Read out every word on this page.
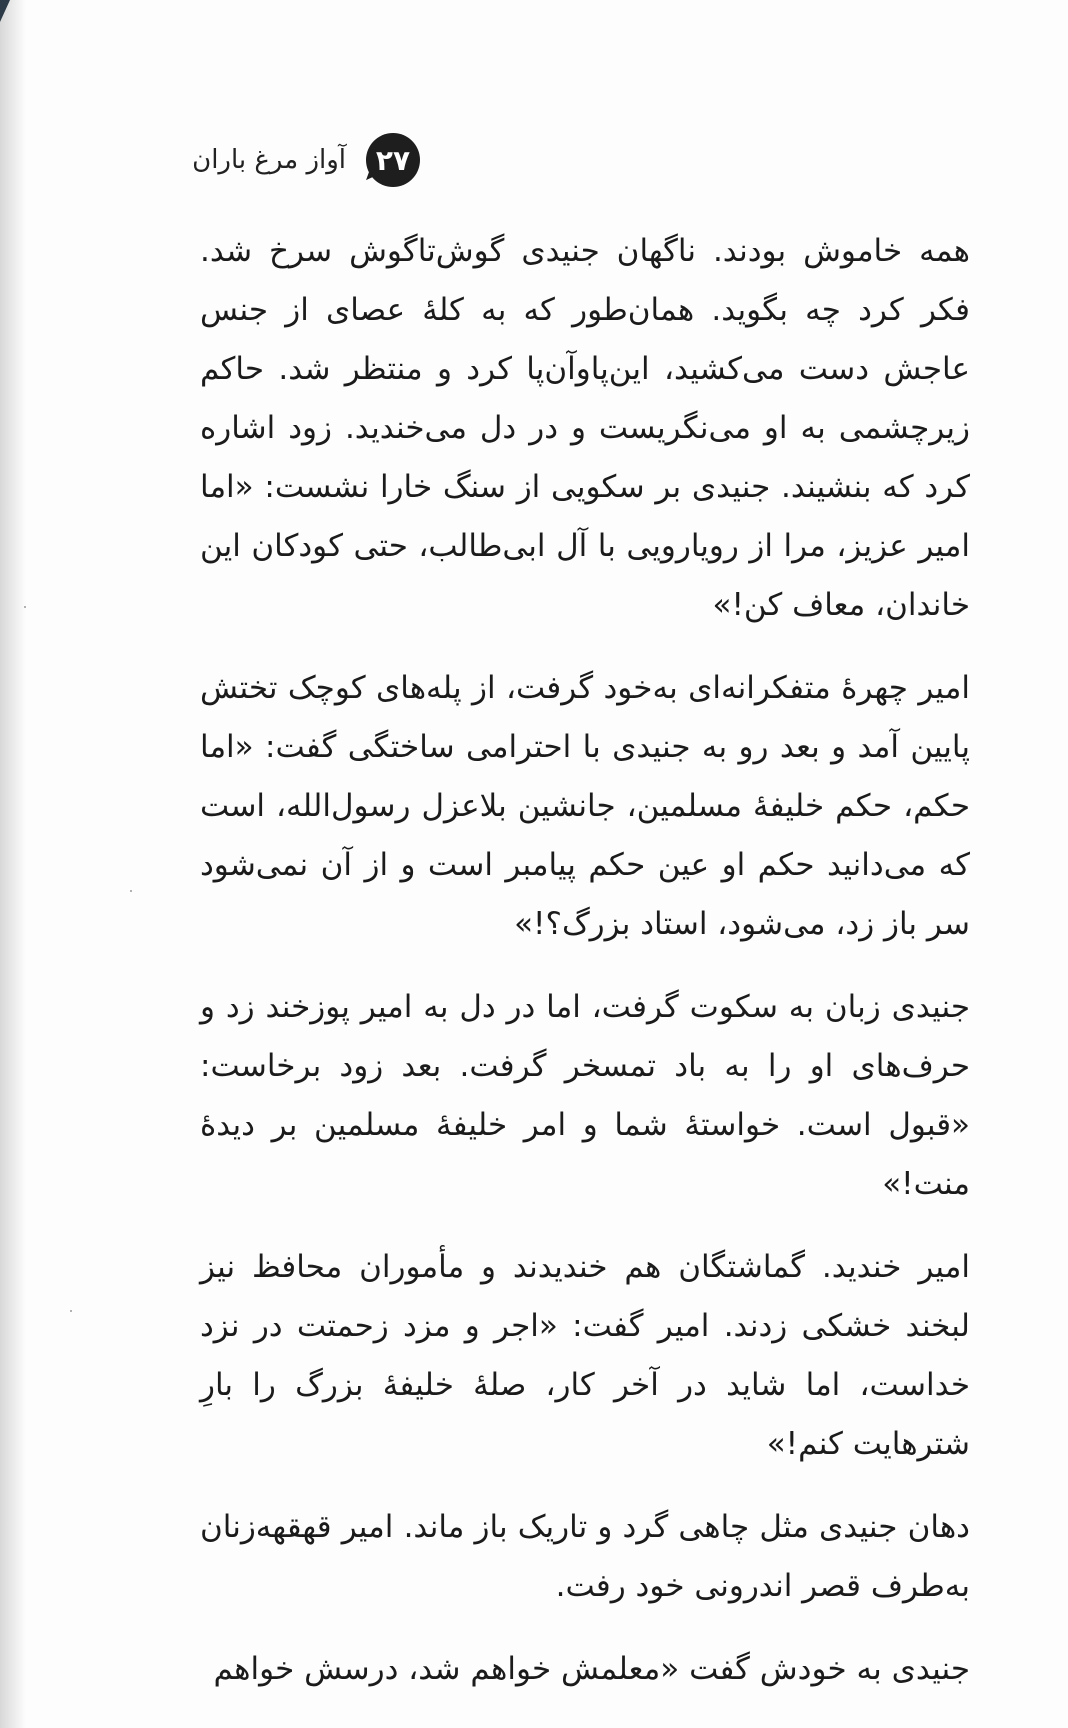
۲۷
آواز مرغ باران

همه خاموش بودند. ناگهان جنیدی گوش‌تاگوش سرخ شد. فکر کرد چه بگوید. همان‌طور که به کلهٔ عصای از جنس عاجش دست می‌کشید، این‌پاوآن‌پا کرد و منتظر شد. حاکم زیرچشمی به او می‌نگریست و در دل می‌خندید. زود اشاره کرد که بنشیند. جنیدی بر سکویی از سنگ خارا نشست: «اما امیر عزیز، مرا از رویارویی با آل ابی‌طالب، حتی کودکان این خاندان، معاف کن!»

امیر چهرهٔ متفکرانه‌ای به‌خود گرفت، از پله‌های کوچک تختش پایین آمد و بعد رو به جنیدی با احترامی ساختگی گفت: «اما حکم، حکم خلیفهٔ مسلمین، جانشین بلاعزل رسول‌الله، است که می‌دانید حکم او عین حکم پیامبر است و از آن نمی‌شود سر باز زد، می‌شود، استاد بزرگ؟!»

جنیدی زبان به سکوت گرفت، اما در دل به امیر پوزخند زد و حرف‌های او را به باد تمسخر گرفت. بعد زود برخاست: «قبول است. خواستهٔ شما و امر خلیفهٔ مسلمین بر دیدهٔ منت!»

امیر خندید. گماشتگان هم خندیدند و مأموران محافظ نیز لبخند خشکی زدند. امیر گفت: «اجر و مزد زحمتت در نزد خداست، اما شاید در آخر کار، صلهٔ خلیفهٔ بزرگ را بارِ شترهایت کنم!»

دهان جنیدی مثل چاهی گرد و تاریک باز ماند. امیر قهقهه‌زنان به‌طرف قصر اندرونی خود رفت.

جنیدی به خودش گفت «معلمش خواهم شد، درسش خواهم
